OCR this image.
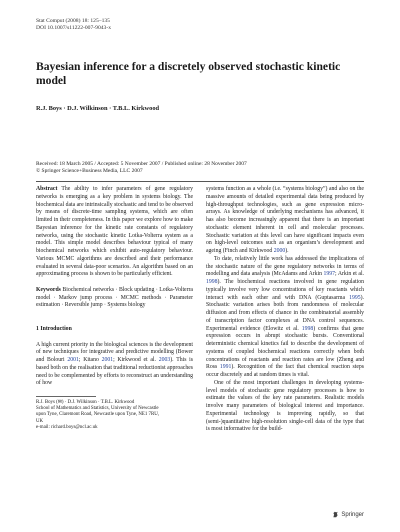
Stat Comput (2008) 18: 125–135
DOI 10.1007/s11222-007-9043-x
Bayesian inference for a discretely observed stochastic kinetic model
R.J. Boys · D.J. Wilkinson · T.B.L. Kirkwood
Received: 18 March 2005 / Accepted: 5 November 2007 / Published online: 28 November 2007
© Springer Science+Business Media, LLC 2007

Abstract The ability to infer parameters of gene regulatory networks is emerging as a key problem in systems biology. The biochemical data are intrinsically stochastic and tend to be observed by means of discrete-time sampling systems, which are often limited in their completeness. In this paper we explore how to make Bayesian inference for the kinetic rate constants of regulatory networks, using the stochastic kinetic Lotka-Volterra system as a model. This simple model describes behaviour typical of many biochemical networks which exhibit auto-regulatory behaviour. Various MCMC algorithms are described and their performance evaluated in several data-poor scenarios. An algorithm based on an approximating process is shown to be particularly efficient.

Keywords Biochemical networks · Block updating · Lotka-Volterra model · Markov jump process · MCMC methods · Parameter estimation · Reversible jump · Systems biology

1 Introduction

A high current priority in the biological sciences is the development of new techniques for integrative and predictive modelling (Bower and Bolouri 2001; Kitano 2001; Kirkwood et al. 2003). This is based both on the realisation that traditional reductionist approaches need to be complemented by efforts to reconstruct an understanding of how

R.J. Boys (✉) · D.J. Wilkinson · T.B.L. Kirkwood
School of Mathematics and Statistics, University of Newcastle
upon Tyne, Claremont Road, Newcastle upon Tyne, NE1 7RU,
UK
e-mail: richard.boys@ncl.ac.uk

systems function as a whole (i.e. “systems biology”) and also on the massive amounts of detailed experimental data being produced by high-throughput technologies, such as gene expression micro-arrays. As knowledge of underlying mechanisms has advanced, it has also become increasingly apparent that there is an important stochastic element inherent in cell and molecular processes. Stochastic variation at this level can have significant impacts even on high-level outcomes such as an organism’s development and ageing (Finch and Kirkwood 2000).

To date, relatively little work has addressed the implications of the stochastic nature of the gene regulatory networks in terms of modelling and data analysis (McAdams and Arkin 1997; Arkin et al. 1998). The biochemical reactions involved in gene regulation typically involve very low concentrations of key reactants which interact with each other and with DNA (Guptasarma 1995). Stochastic variation arises both from randomness of molecular diffusion and from effects of chance in the combinatorial assembly of transcription factor complexes at DNA control sequences. Experimental evidence (Elowitz et al. 1998) confirms that gene expression occurs in abrupt stochastic bursts. Conventional deterministic chemical kinetics fail to describe the development of systems of coupled biochemical reactions correctly when both concentrations of reactants and reaction rates are low (Zheng and Ross 1991). Recognition of the fact that chemical reaction steps occur discretely and at random times is vital.

One of the most important challenges in developing systems-level models of stochastic gene regulatory processes is how to estimate the values of the key rate parameters. Realistic models involve many parameters of biological interest and importance. Experimental technology is improving rapidly, so that (semi-)quantitative high-resolution single-cell data of the type that is most informative for the build-

Springer
